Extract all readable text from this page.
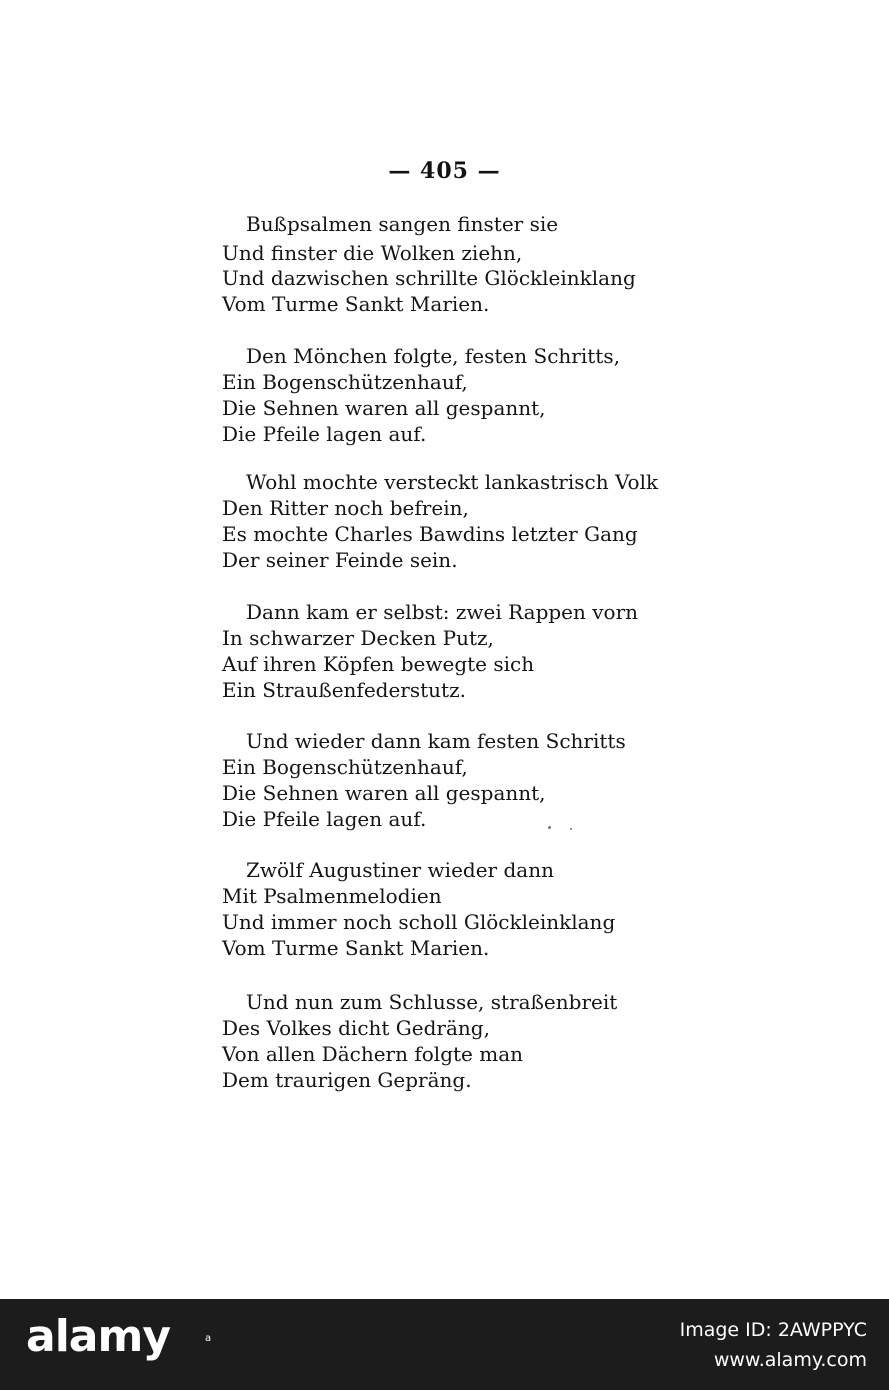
— 405 —
Bußpsalmen sangen finster sie
Und finster die Wolken ziehn,
Und dazwischen schrillte Glöckleinklang
Vom Turme Sankt Marien.
Den Mönchen folgte, festen Schritts,
Ein Bogenschützenhauf,
Die Sehnen waren all gespannt,
Die Pfeile lagen auf.
Wohl mochte versteckt lankastrisch Volk
Den Ritter noch befrein,
Es mochte Charles Bawdins letzter Gang
Der seiner Feinde sein.
Dann kam er selbst: zwei Rappen vorn
In schwarzer Decken Putz,
Auf ihren Köpfen bewegte sich
Ein Straußenfederstutz.
Und wieder dann kam festen Schritts
Ein Bogenschützenhauf,
Die Sehnen waren all gespannt,
Die Pfeile lagen auf.
Zwölf Augustiner wieder dann
Mit Psalmenmelodien
Und immer noch scholl Glöckleinklang
Vom Turme Sankt Marien.
Und nun zum Schlusse, straßenbreit
Des Volkes dicht Gedräng,
Von allen Dächern folgte man
Dem traurigen Gepräng.
alamy	a	Image ID: 2AWPPYC
www.alamy.com
